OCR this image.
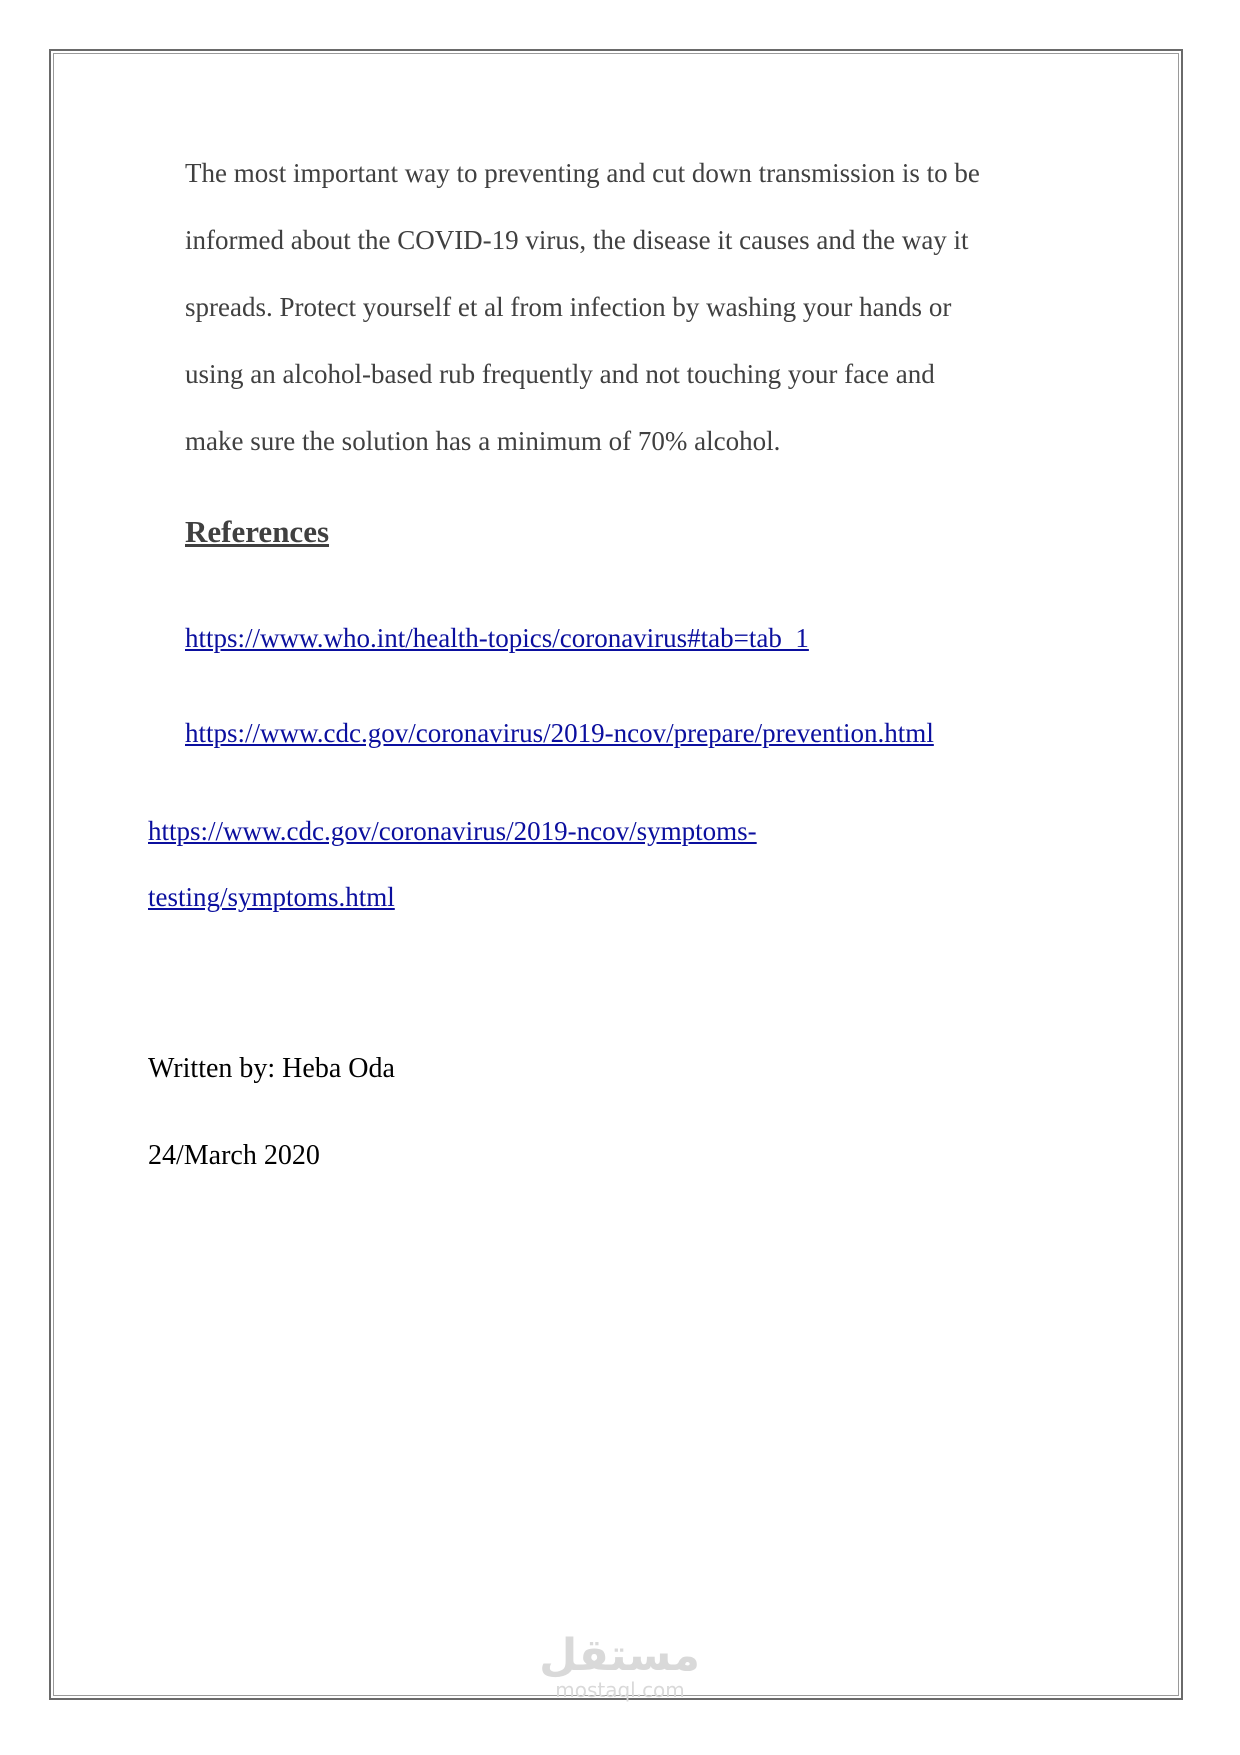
The most important way to preventing and cut down transmission is to be
informed about the COVID-19 virus, the disease it causes and the way it
spreads. Protect yourself et al from infection by washing your hands or
using an alcohol-based rub frequently and not touching your face and
make sure the solution has a minimum of 70% alcohol.

References
https://www.who.int/health-topics/coronavirus#tab=tab_1
https://www.cdc.gov/coronavirus/2019-ncov/prepare/prevention.html
https://www.cdc.gov/coronavirus/2019-ncov/symptoms-
testing/symptoms.html

Written by: Heba Oda

24/March 2020

مستقل
mostaql.com
